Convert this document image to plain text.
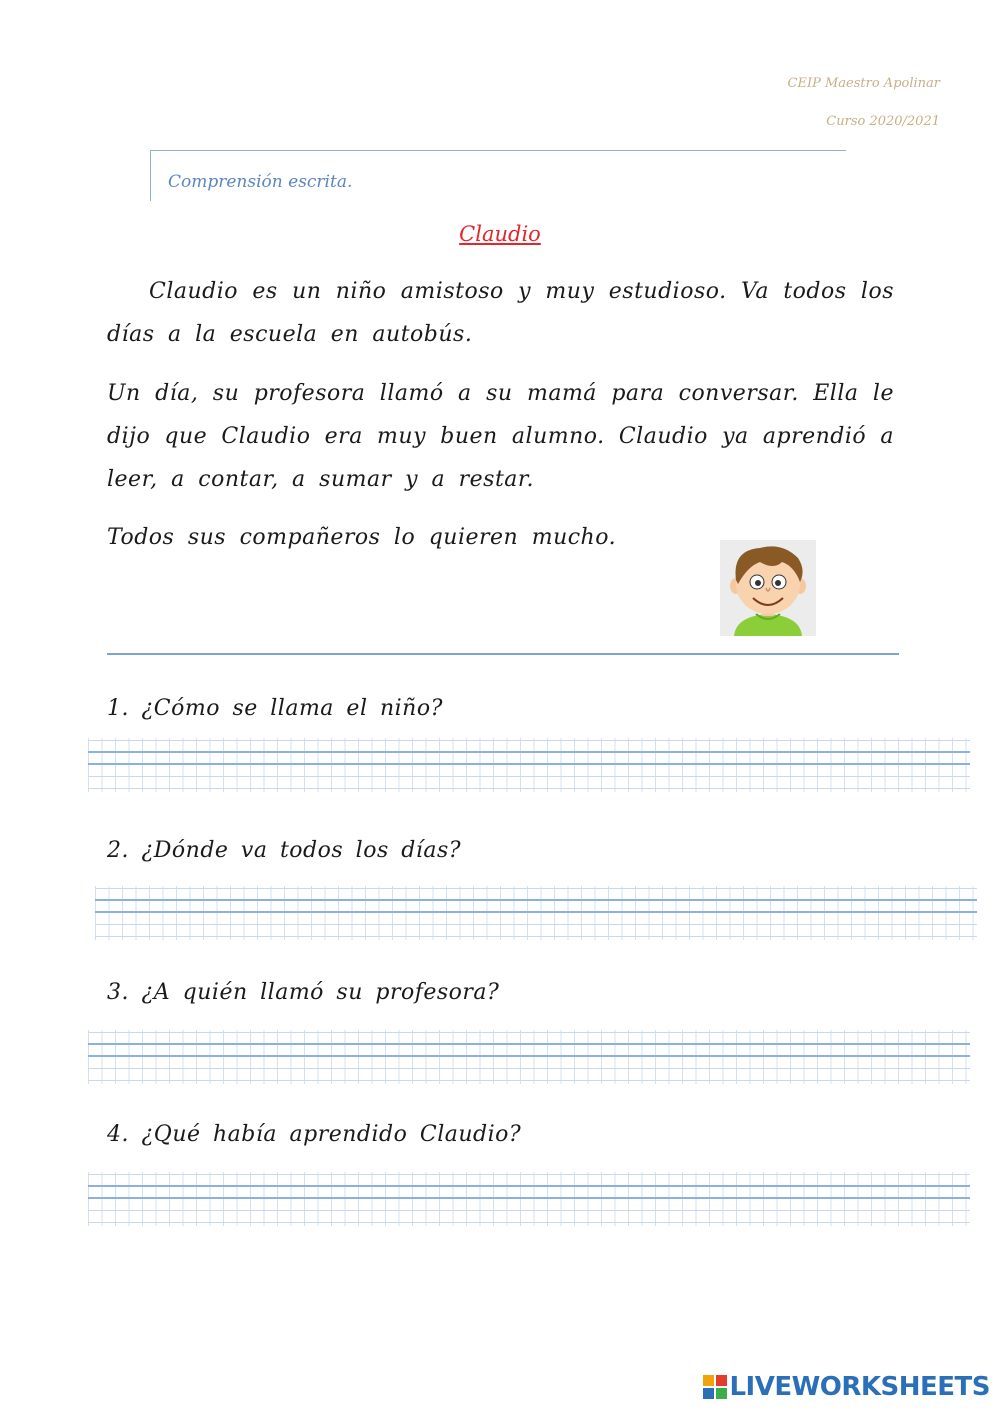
CEIP Maestro Apolinar
Curso 2020/2021
Comprensión escrita.
Claudio
Claudio es un niño amistoso y muy estudioso. Va todos los días a la escuela en autobús.
Un día, su profesora llamó a su mamá para conversar. Ella le dijo que Claudio era muy buen alumno. Claudio ya aprendió a leer, a contar, a sumar y a restar.
Todos sus compañeros lo quieren mucho.
1. ¿Cómo se llama el niño?
2. ¿Dónde va todos los días?
3. ¿A quién llamó su profesora?
4. ¿Qué había aprendido Claudio?
LIVEWORKSHEETS
